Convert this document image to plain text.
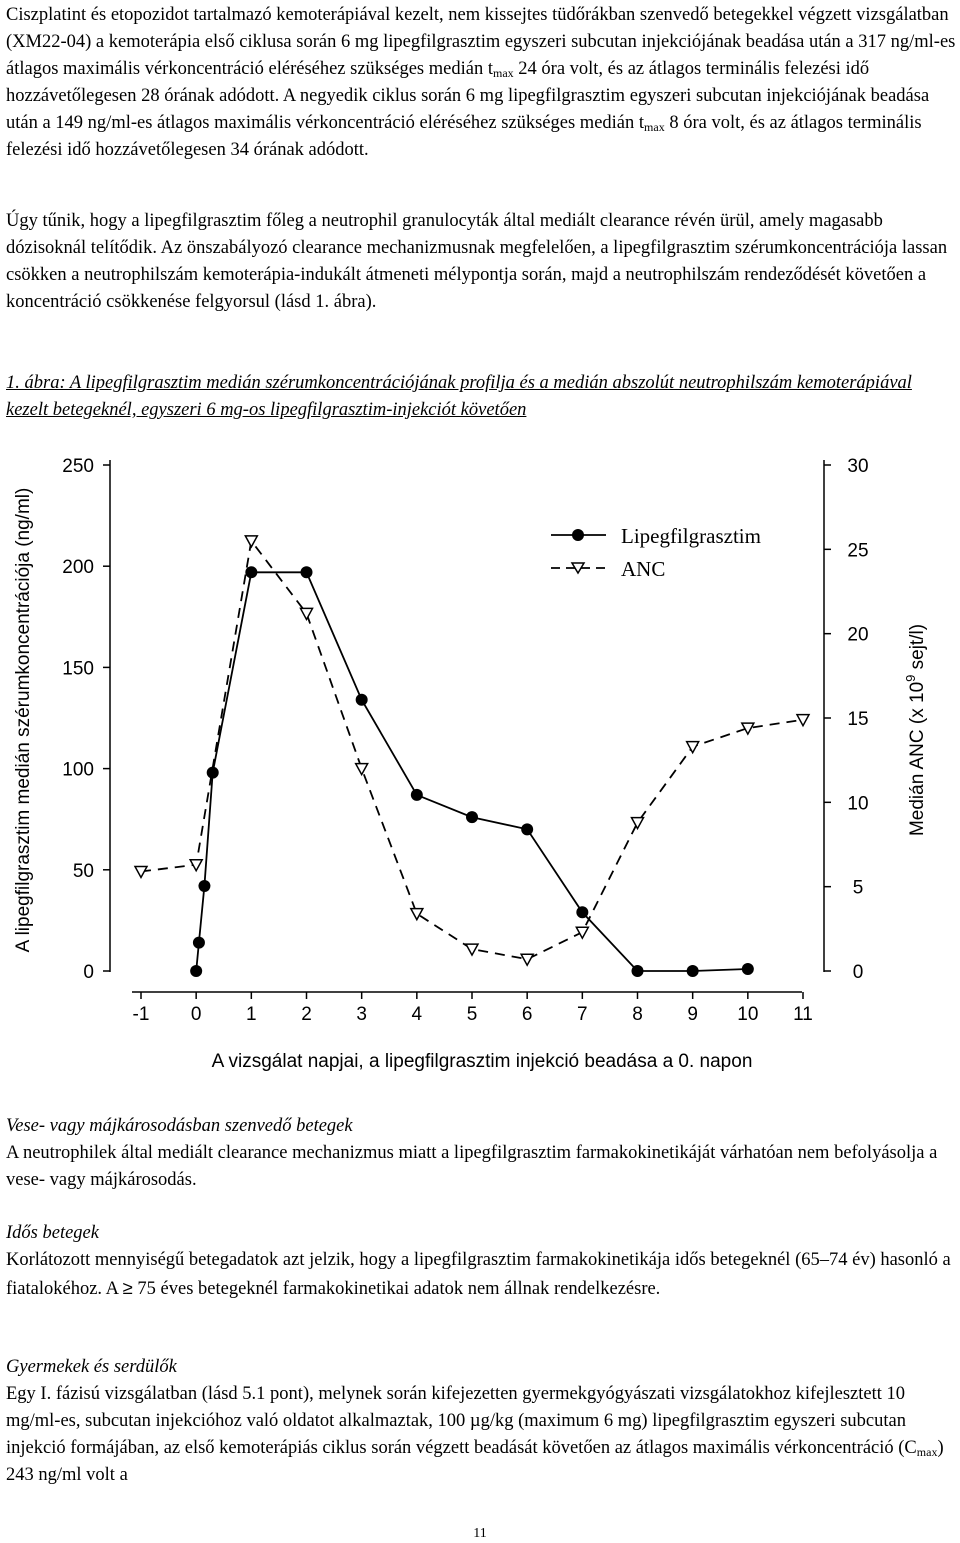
Ciszplatint és etopozidot tartalmazó kemoterápiával kezelt, nem kissejtes tüdőrákban szenvedő betegekkel végzett vizsgálatban (XM22-04) a kemoterápia első ciklusa során 6 mg lipegfilgrasztim egyszeri subcutan injekciójának beadása után a 317 ng/ml-es átlagos maximális vérkoncentráció eléréséhez szükséges medián $t_{max}$ 24 óra volt, és az átlagos terminális felezési idő hozzávetőlegesen 28 órának adódott. A negyedik ciklus során 6 mg lipegfilgrasztim egyszeri subcutan injekciójának beadása után a 149 ng/ml-es átlagos maximális vérkoncentráció eléréséhez szükséges medián $t_{max}$ 8 óra volt, és az átlagos terminális felezési idő hozzávetőlegesen 34 órának adódott.

Úgy tűnik, hogy a lipegfilgrasztim főleg a neutrophil granulocyták által mediált clearance révén ürül, amely magasabb dózisoknál telítődik. Az önszabályozó clearance mechanizmusnak megfelelően, a lipegfilgrasztim szérumkoncentrációja lassan csökken a neutrophilszám kemoterápia-indukált átmeneti mélypontja során, majd a neutrophilszám rendeződését követően a koncentráció csökkenése felgyorsul (lásd 1. ábra).

1. ábra: A lipegfilgrasztim medián szérumkoncentrációjának profilja és a medián abszolút neutrophilszám kemoterápiával kezelt betegeknél, egyszeri 6 mg-os lipegfilgrasztim-injekciót követően

250
200
150
100
50
0
30
25
20
15
10
5
0
-1 0 1 2 3 4 5 6 7 8 9 10 11
Lipegfilgrasztim
ANC
A lipegfilgrasztim medián szérumkoncentrációja (ng/ml)	Medián ANC (x $10^9$ sejt/l)
A vizsgálat napjai, a lipegfilgrasztim injekció beadása a 0. napon
Vese- vagy májkárosodásban szenvedő betegek
A neutrophilek által mediált clearance mechanizmus miatt a lipegfilgrasztim farmakokinetikáját várhatóan nem befolyásolja a vese- vagy májkárosodás.
Idős betegek
Korlátozott mennyiségű betegadatok azt jelzik, hogy a lipegfilgrasztim farmakokinetikája idős betegeknél (65–74 év) hasonló a fiatalokéhoz. A ≥ 75 éves betegeknél farmakokinetikai adatok nem állnak rendelkezésre.
Gyermekek és serdülők
Egy I. fázisú vizsgálatban (lásd 5.1 pont), melynek során kifejezetten gyermekgyógyászati vizsgálatokhoz kifejlesztett 10 mg/ml-es, subcutan injekcióhoz való oldatot alkalmaztak, 100 µg/kg (maximum 6 mg) lipegfilgrasztim egyszeri subcutan injekció formájában, az első kemoterápiás ciklus során végzett beadását követően az átlagos maximális vérkoncentráció $(C_{max})$ 243 ng/ml volt a
11
